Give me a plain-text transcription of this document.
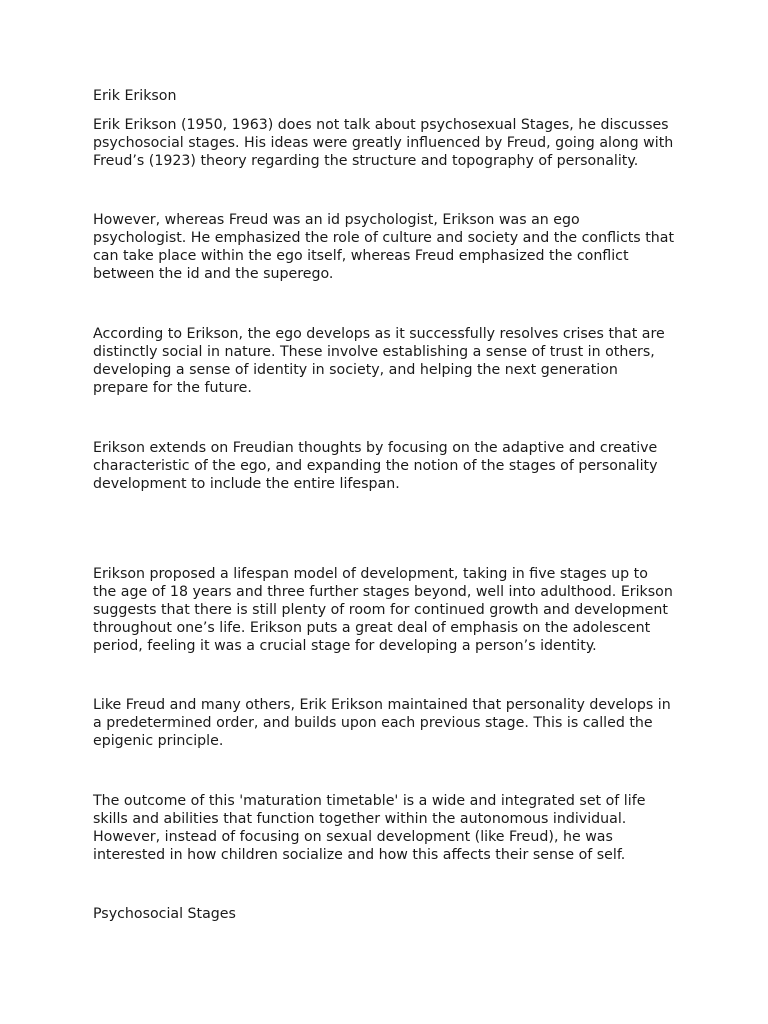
Erik Erikson

Erik Erikson (1950, 1963) does not talk about psychosexual Stages, he discusses
psychosocial stages. His ideas were greatly influenced by Freud, going along with
Freud’s (1923) theory regarding the structure and topography of personality.

However, whereas Freud was an id psychologist, Erikson was an ego
psychologist. He emphasized the role of culture and society and the conflicts that
can take place within the ego itself, whereas Freud emphasized the conflict
between the id and the superego.

According to Erikson, the ego develops as it successfully resolves crises that are
distinctly social in nature. These involve establishing a sense of trust in others,
developing a sense of identity in society, and helping the next generation
prepare for the future.

Erikson extends on Freudian thoughts by focusing on the adaptive and creative
characteristic of the ego, and expanding the notion of the stages of personality
development to include the entire lifespan.

Erikson proposed a lifespan model of development, taking in five stages up to
the age of 18 years and three further stages beyond, well into adulthood. Erikson
suggests that there is still plenty of room for continued growth and development
throughout one’s life. Erikson puts a great deal of emphasis on the adolescent
period, feeling it was a crucial stage for developing a person’s identity.

Like Freud and many others, Erik Erikson maintained that personality develops in
a predetermined order, and builds upon each previous stage. This is called the
epigenic principle.

The outcome of this 'maturation timetable' is a wide and integrated set of life
skills and abilities that function together within the autonomous individual.
However, instead of focusing on sexual development (like Freud), he was
interested in how children socialize and how this affects their sense of self.

Psychosocial Stages
